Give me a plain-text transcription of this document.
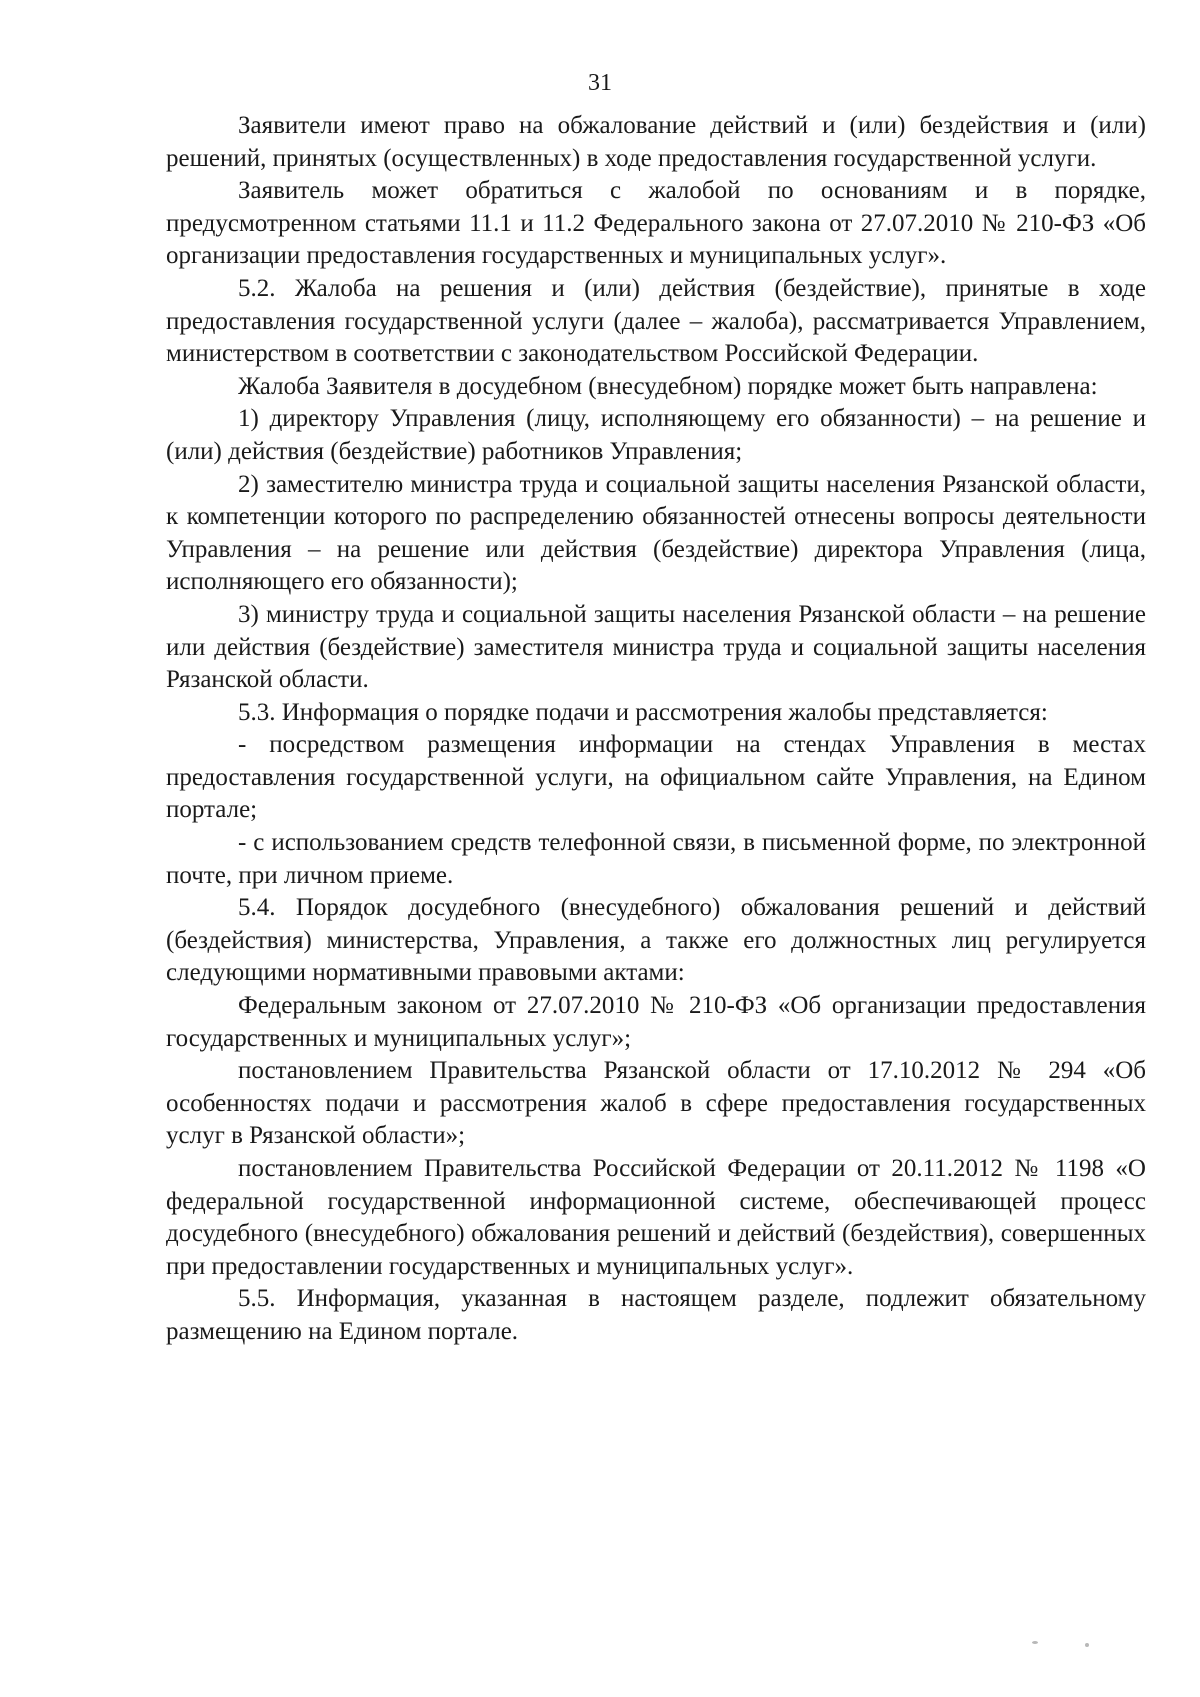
31

Заявители имеют право на обжалование действий и (или) бездействия и (или) решений, принятых (осуществленных) в ходе предоставления государственной услуги.

Заявитель может обратиться с жалобой по основаниям и в порядке, предусмотренном статьями 11.1 и 11.2 Федерального закона от 27.07.2010 № 210-ФЗ «Об организации предоставления государственных и муниципальных услуг».

5.2. Жалоба на решения и (или) действия (бездействие), принятые в ходе предоставления государственной услуги (далее – жалоба), рассматривается Управлением, министерством в соответствии с законодательством Российской Федерации.

Жалоба Заявителя в досудебном (внесудебном) порядке может быть направлена:

1) директору Управления (лицу, исполняющему его обязанности) – на решение и (или) действия (бездействие) работников Управления;

2) заместителю министра труда и социальной защиты населения Рязанской области, к компетенции которого по распределению обязанностей отнесены вопросы деятельности Управления – на решение или действия (бездействие) директора Управления (лица, исполняющего его обязанности);

3) министру труда и социальной защиты населения Рязанской области – на решение или действия (бездействие) заместителя министра труда и социальной защиты населения Рязанской области.

5.3. Информация о порядке подачи и рассмотрения жалобы представляется:

- посредством размещения информации на стендах Управления в местах предоставления государственной услуги, на официальном сайте Управления, на Едином портале;

- с использованием средств телефонной связи, в письменной форме, по электронной почте, при личном приеме.

5.4. Порядок досудебного (внесудебного) обжалования решений и действий (бездействия) министерства, Управления, а также его должностных лиц регулируется следующими нормативными правовыми актами:

Федеральным законом от 27.07.2010 № 210-ФЗ «Об организации предоставления государственных и муниципальных услуг»;

постановлением Правительства Рязанской области от 17.10.2012 № 294 «Об особенностях подачи и рассмотрения жалоб в сфере предоставления государственных услуг в Рязанской области»;

постановлением Правительства Российской Федерации от 20.11.2012 № 1198 «О федеральной государственной информационной системе, обеспечивающей процесс досудебного (внесудебного) обжалования решений и действий (бездействия), совершенных при предоставлении государственных и муниципальных услуг».

5.5. Информация, указанная в настоящем разделе, подлежит обязательному размещению на Едином портале.
